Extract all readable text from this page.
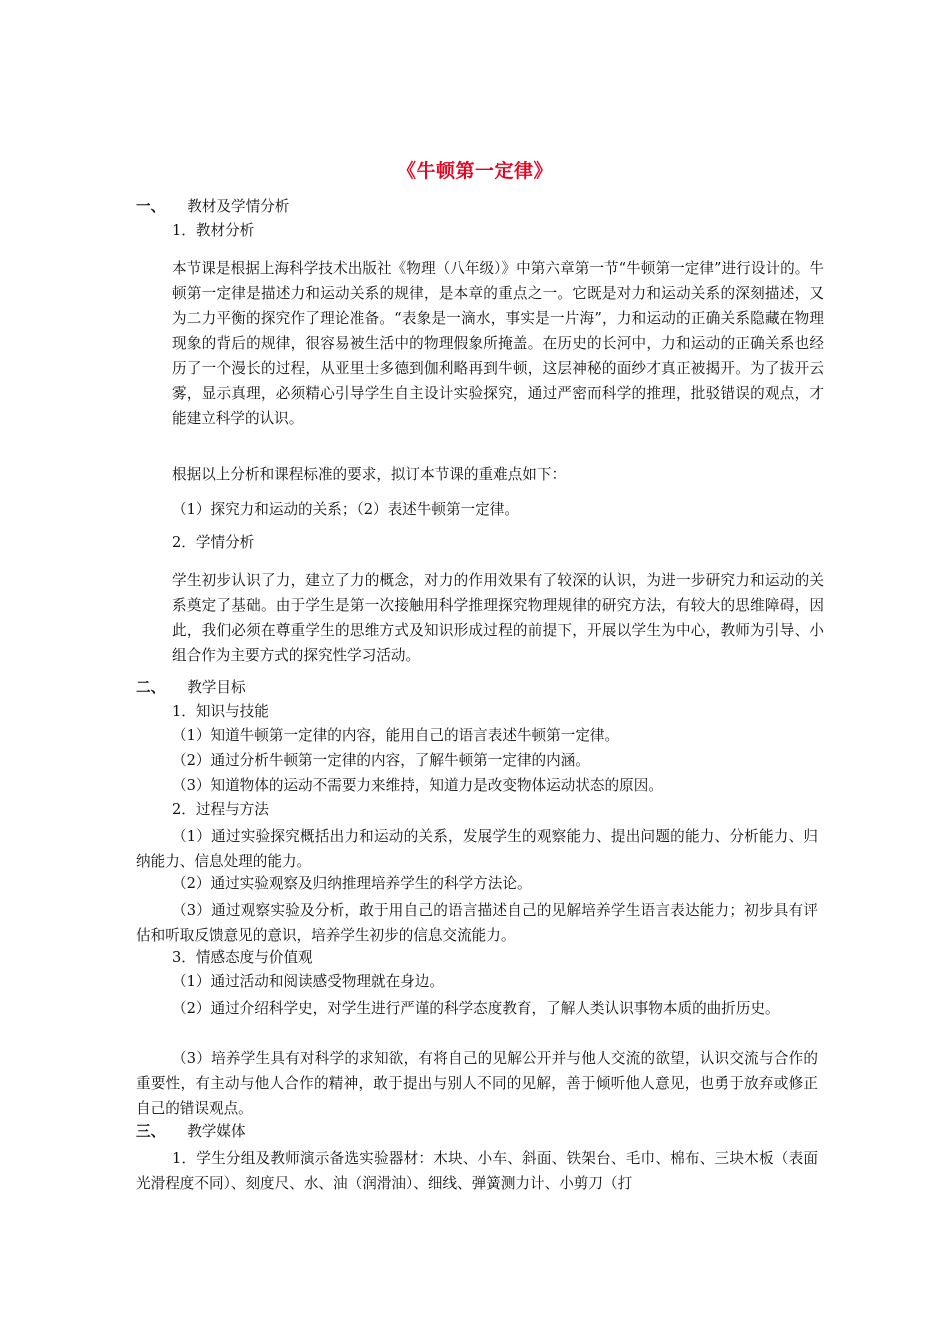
《牛顿第一定律》
一、 教材及学情分析
1．教材分析
本节课是根据上海科学技术出版社《物理（八年级）》中第六章第一节“牛顿第一定律”进行设计的。牛顿第一定律是描述力和运动关系的规律，是本章的重点之一。它既是对力和运动关系的深刻描述，又为二力平衡的探究作了理论准备。“表象是一滴水，事实是一片海”，力和运动的正确关系隐藏在物理现象的背后的规律，很容易被生活中的物理假象所掩盖。在历史的长河中，力和运动的正确关系也经历了一个漫长的过程，从亚里士多德到伽利略再到牛顿，这层神秘的面纱才真正被揭开。为了拔开云雾，显示真理，必须精心引导学生自主设计实验探究，通过严密而科学的推理，批驳错误的观点，才能建立科学的认识。
根据以上分析和课程标准的要求，拟订本节课的重难点如下：
（1）探究力和运动的关系；（2）表述牛顿第一定律。
2．学情分析
学生初步认识了力，建立了力的概念，对力的作用效果有了较深的认识，为进一步研究力和运动的关系奠定了基础。由于学生是第一次接触用科学推理探究物理规律的研究方法，有较大的思维障碍，因此，我们必须在尊重学生的思维方式及知识形成过程的前提下，开展以学生为中心，教师为引导、小组合作为主要方式的探究性学习活动。
二、 教学目标
1．知识与技能
（1）知道牛顿第一定律的内容，能用自己的语言表述牛顿第一定律。
（2）通过分析牛顿第一定律的内容，了解牛顿第一定律的内涵。
（3）知道物体的运动不需要力来维持，知道力是改变物体运动状态的原因。
2．过程与方法
（1）通过实验探究概括出力和运动的关系，发展学生的观察能力、提出问题的能力、分析能力、归纳能力、信息处理的能力。
（2）通过实验观察及归纳推理培养学生的科学方法论。
（3）通过观察实验及分析，敢于用自己的语言描述自己的见解培养学生语言表达能力；初步具有评估和听取反馈意见的意识，培养学生初步的信息交流能力。
3．情感态度与价值观
（1）通过活动和阅读感受物理就在身边。
（2）通过介绍科学史，对学生进行严谨的科学态度教育，了解人类认识事物本质的曲折历史。
（3）培养学生具有对科学的求知欲，有将自己的见解公开并与他人交流的欲望，认识交流与合作的重要性，有主动与他人合作的精神，敢于提出与别人不同的见解，善于倾听他人意见，也勇于放弃或修正自己的错误观点。
三、 教学媒体
1．学生分组及教师演示备选实验器材：木块、小车、斜面、铁架台、毛巾、棉布、三块木板（表面光滑程度不同）、刻度尺、水、油（润滑油）、细线、弹簧测力计、小剪刀（打
